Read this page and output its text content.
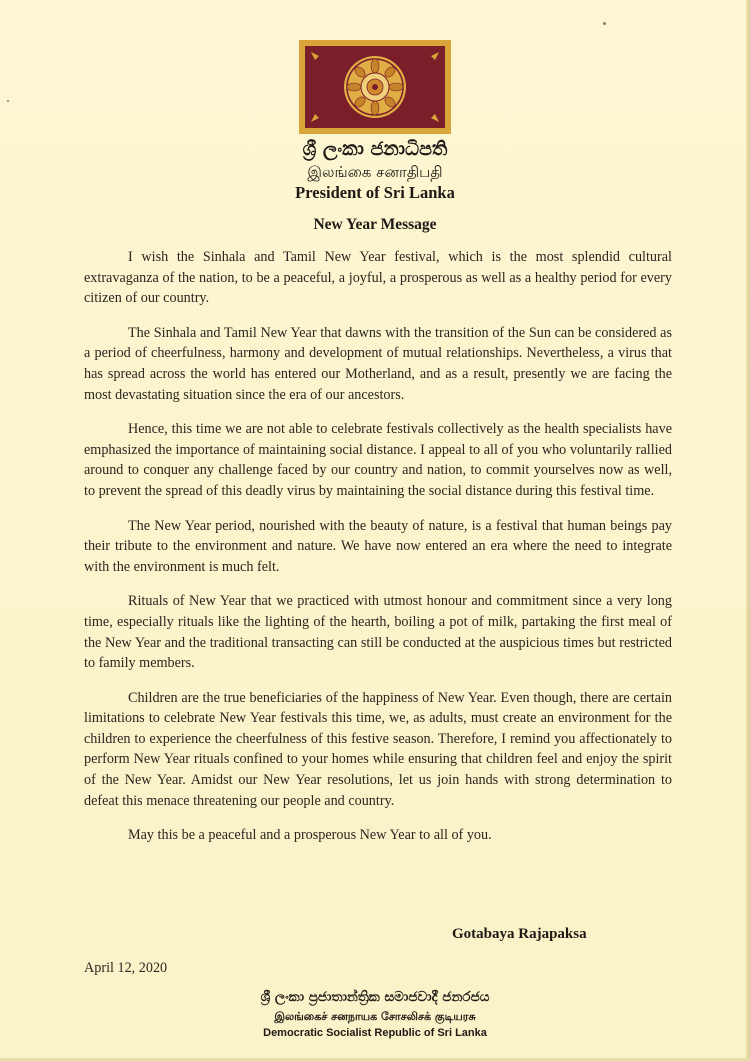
ශ්‍රී ලංකා ජනාධිපති
இலங்கை சனாதிபதி
President of Sri Lanka
New Year Message

I wish the Sinhala and Tamil New Year festival, which is the most splendid cultural extravaganza of the nation, to be a peaceful, a joyful, a prosperous as well as a healthy period for every citizen of our country.

The Sinhala and Tamil New Year that dawns with the transition of the Sun can be considered as a period of cheerfulness, harmony and development of mutual relationships. Nevertheless, a virus that has spread across the world has entered our Motherland, and as a result, presently we are facing the most devastating situation since the era of our ancestors.

Hence, this time we are not able to celebrate festivals collectively as the health specialists have emphasized the importance of maintaining social distance. I appeal to all of you who voluntarily rallied around to conquer any challenge faced by our country and nation, to commit yourselves now as well, to prevent the spread of this deadly virus by maintaining the social distance during this festival time.

The New Year period, nourished with the beauty of nature, is a festival that human beings pay their tribute to the environment and nature. We have now entered an era where the need to integrate with the environment is much felt.

Rituals of New Year that we practiced with utmost honour and commitment since a very long time, especially rituals like the lighting of the hearth, boiling a pot of milk, partaking the first meal of the New Year and the traditional transacting can still be conducted at the auspicious times but restricted to family members.

Children are the true beneficiaries of the happiness of New Year. Even though, there are certain limitations to celebrate New Year festivals this time, we, as adults, must create an environment for the children to experience the cheerfulness of this festive season. Therefore, I remind you affectionately to perform New Year rituals confined to your homes while ensuring that children feel and enjoy the spirit of the New Year. Amidst our New Year resolutions, let us join hands with strong determination to defeat this menace threatening our people and country.

May this be a peaceful and a prosperous New Year to all of you.

Gotabaya Rajapaksa
April 12, 2020
ශ්‍රී ලංකා ප්‍රජාතාන්ත්‍රික සමාජවාදී ජනරජය
இலங்கைச் சனநாயக சோசலிசக் குடியரசு
Democratic Socialist Republic of Sri Lanka
